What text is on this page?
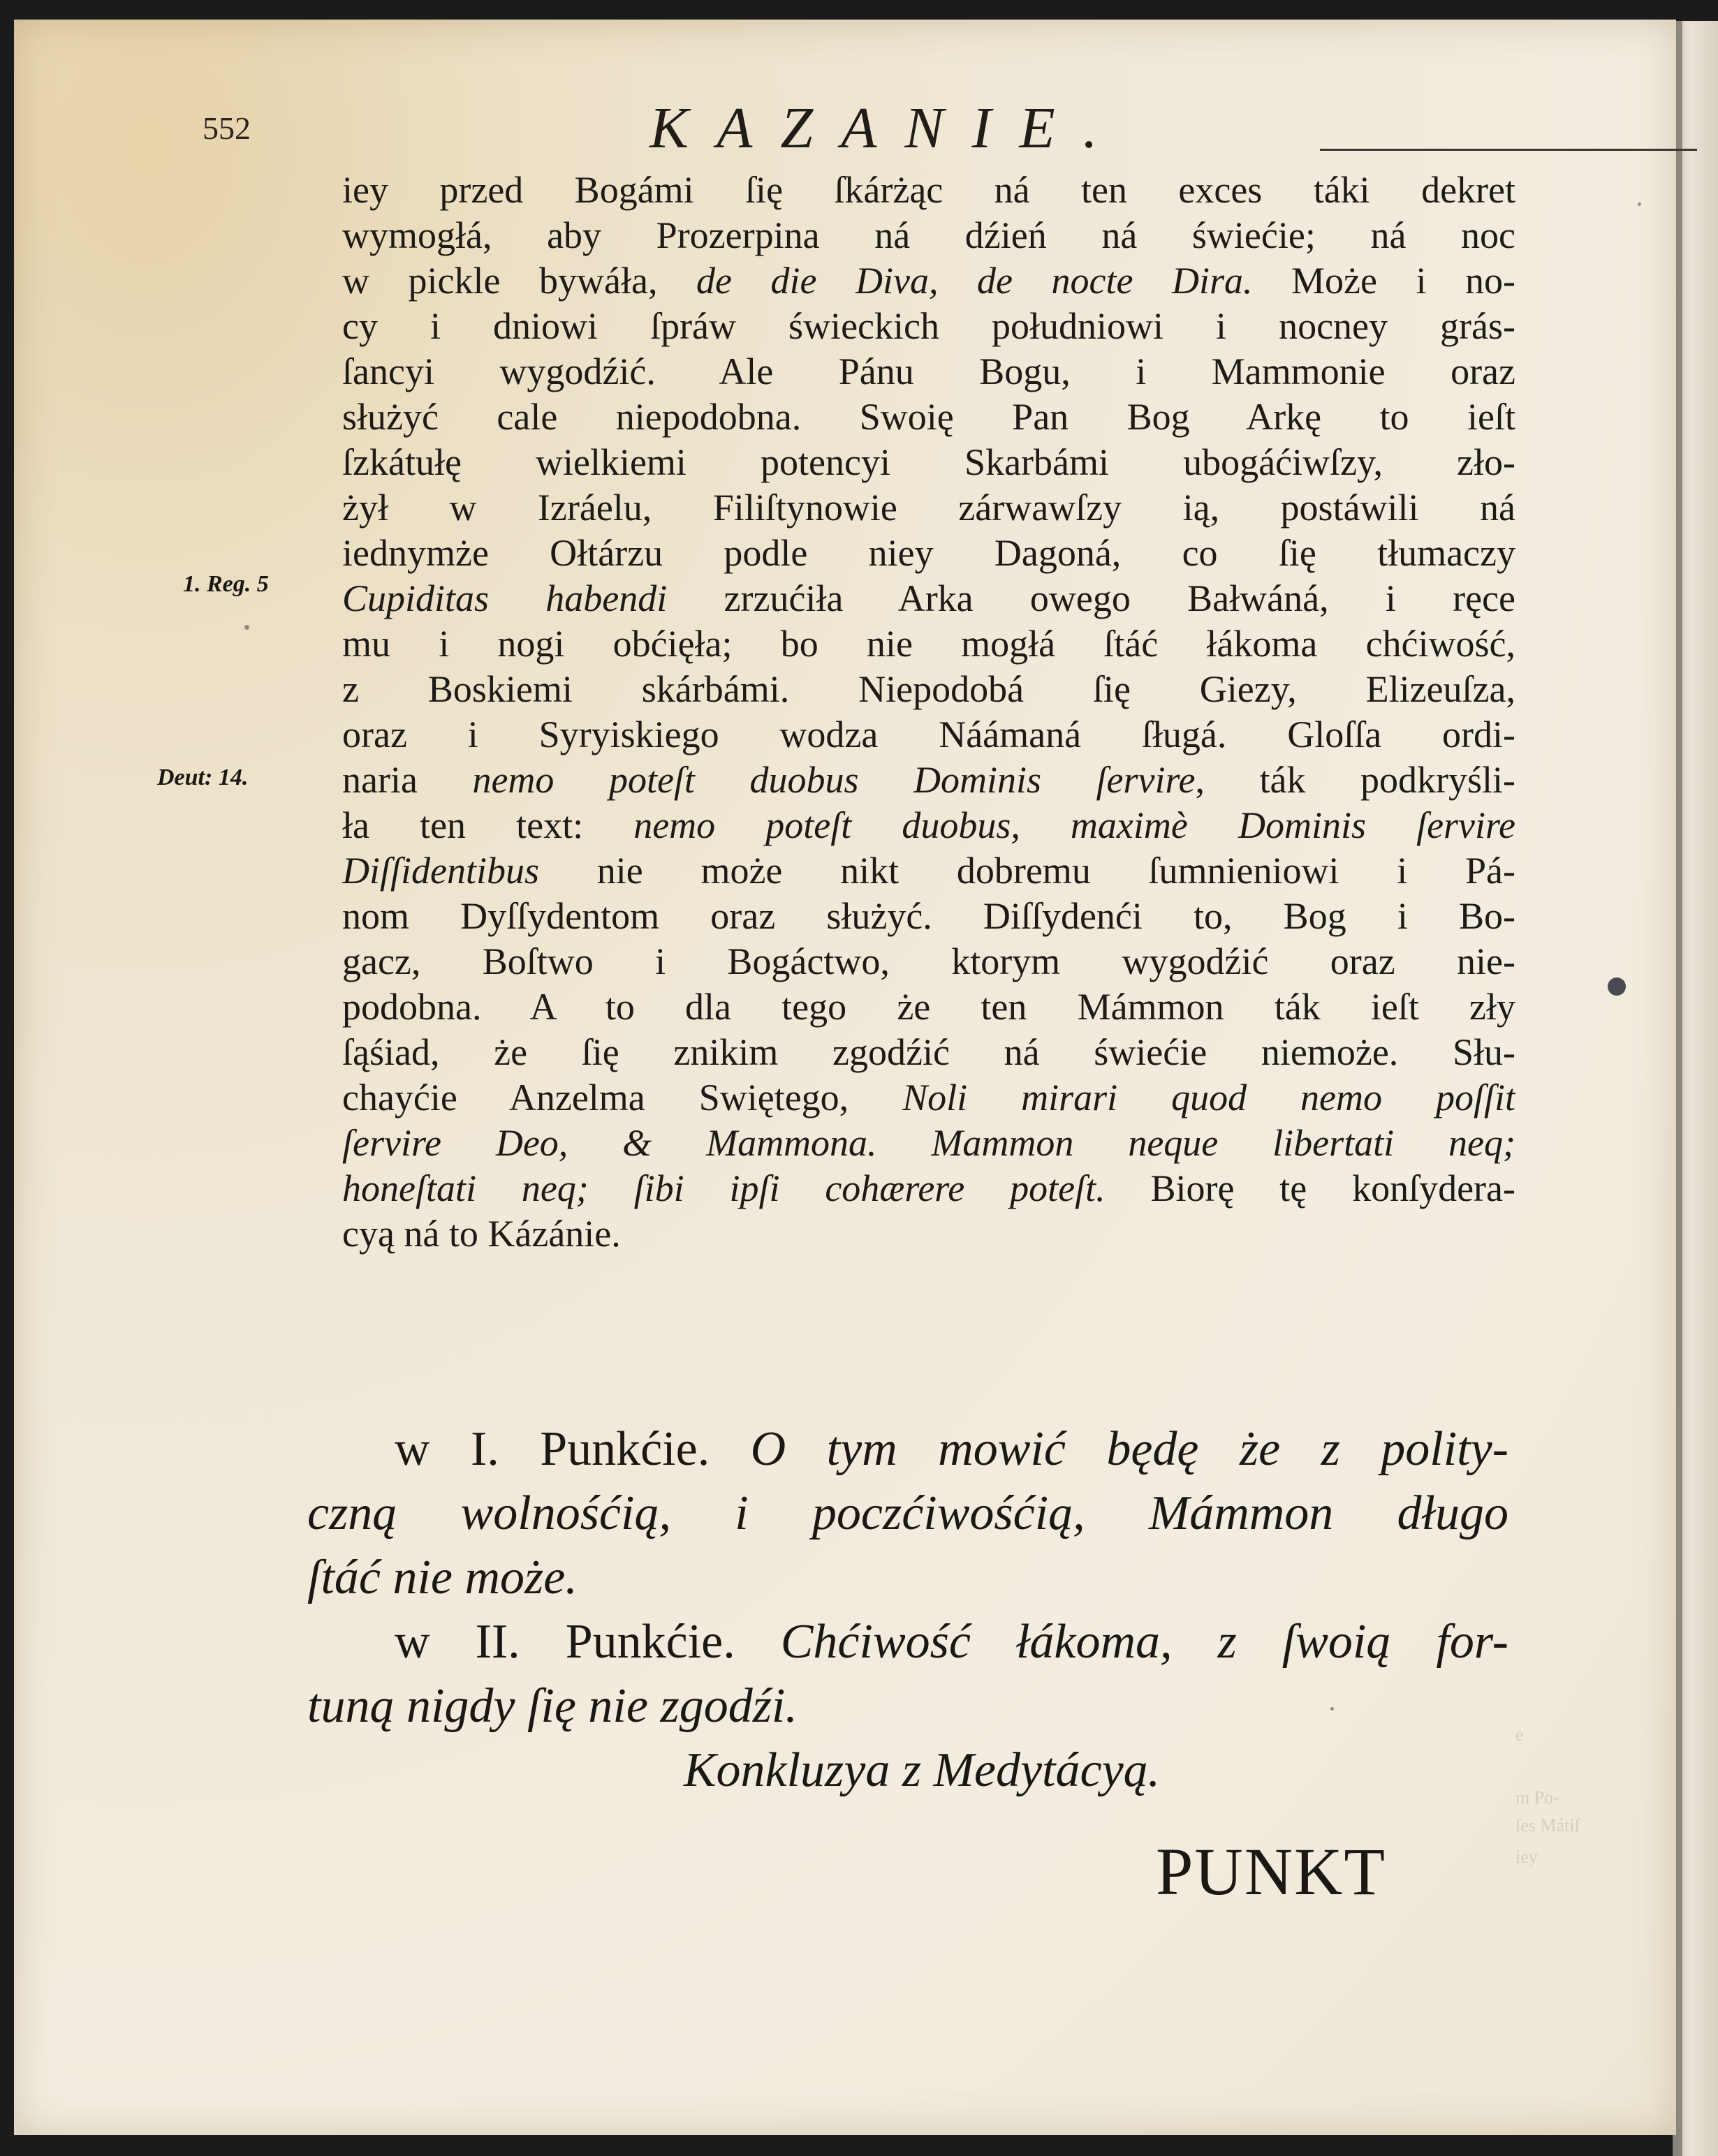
e
m Po-
ſes Mátiſ
iey
552	KAZANIE.
1. Reg. 5
Deut: 14.
iey przed Bogámi ſię ſkárżąc ná ten exces táki dekret
wymogłá, aby Prozerpina ná dźień ná świećie; ná noc
w pickle bywáła, de die Diva, de nocte Dira. Może i no-
cy i dniowi ſpráw świeckich południowi i nocney grás-
ſancyi wygodźić. Ale Pánu Bogu, i Mammonie oraz
służyć cale niepodobna. Swoię Pan Bog Arkę to ieſt
ſzkátułę wielkiemi potencyi Skarbámi ubogáćiwſzy, zło-
żył w Izráelu, Filiſtynowie zárwawſzy ią, postáwili ná
iednymże Ołtárzu podle niey Dagoná, co ſię tłumaczy
Cupiditas habendi zrzućiła Arka owego Bałwáná, i ręce
mu i nogi obćięła; bo nie mogłá ſtáć łákoma chćiwość,
z Boskiemi skárbámi. Niepodobá ſię Giezy, Elizeuſza,
oraz i Syryiskiego wodza Náámaná ſługá. Gloſſa ordi-
naria nemo poteſt duobus Dominis ſervire, ták podkryśli-
ła ten text: nemo poteſt duobus, maximè Dominis ſervire
Diſſidentibus nie może nikt dobremu ſumnieniowi i Pá-
nom Dyſſydentom oraz służyć. Diſſydenći to, Bog i Bo-
gacz, Boſtwo i Bogáctwo, ktorym wygodźić oraz nie-
podobna. A to dla tego że ten Mámmon ták ieſt zły
ſąśiad, że ſię znikim zgodźić ná świećie niemoże. Słu-
chayćie Anzelma Swiętego, Noli mirari quod nemo poſſit
ſervire Deo, & Mammona. Mammon neque libertati neq;
honeſtati neq; ſibi ipſi cohærere poteſt. Biorę tę konſydera-
cyą ná to Kázánie.
w I. Punkćie. O tym mowić będę że z polity-
czną wolnośćią, i poczćiwośćią, Mámmon długo
ſtáć nie może.
w II. Punkćie. Chćiwość łákoma, z ſwoią for-
tuną nigdy ſię nie zgodźi.
Konkluzya z Medytácyą.
PUNKT
